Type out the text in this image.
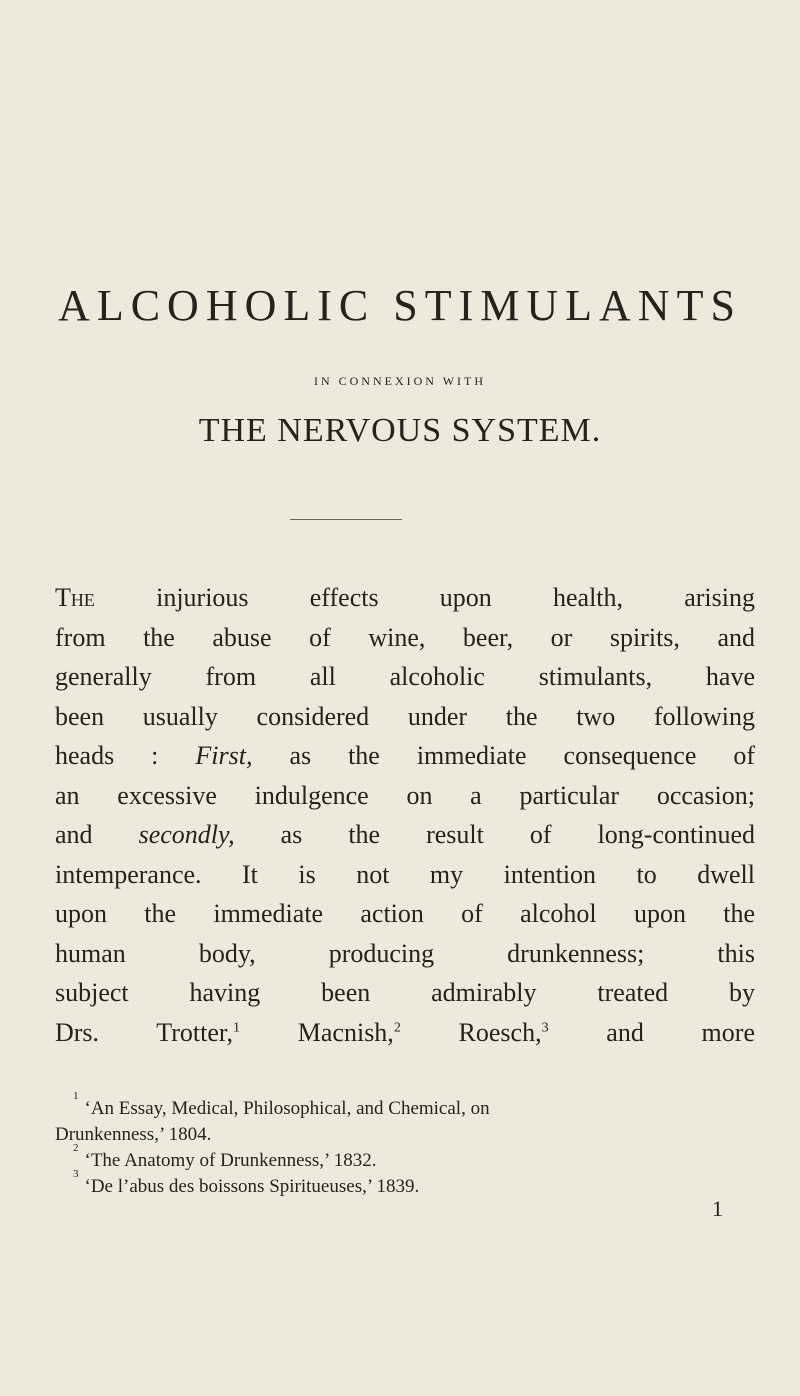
ALCOHOLIC STIMULANTS
IN CONNEXION WITH
THE NERVOUS SYSTEM.
The injurious effects upon health, arising
from the abuse of wine, beer, or spirits, and
generally from all alcoholic stimulants, have
been usually considered under the two following
heads : First, as the immediate consequence of
an excessive indulgence on a particular occasion;
and secondly, as the result of long-continued
intemperance. It is not my intention to dwell
upon the immediate action of alcohol upon the
human body, producing drunkenness; this
subject having been admirably treated by
Drs. Trotter,$^1$ Macnish,$^2$ Roesch,$^3$ and more
$^1$‘An Essay, Medical, Philosophical, and Chemical, on
Drunkenness,’ 1804.
$^2$‘The Anatomy of Drunkenness,’ 1832.
$^3$‘De l’abus des boissons Spiritueuses,’ 1839.
1
